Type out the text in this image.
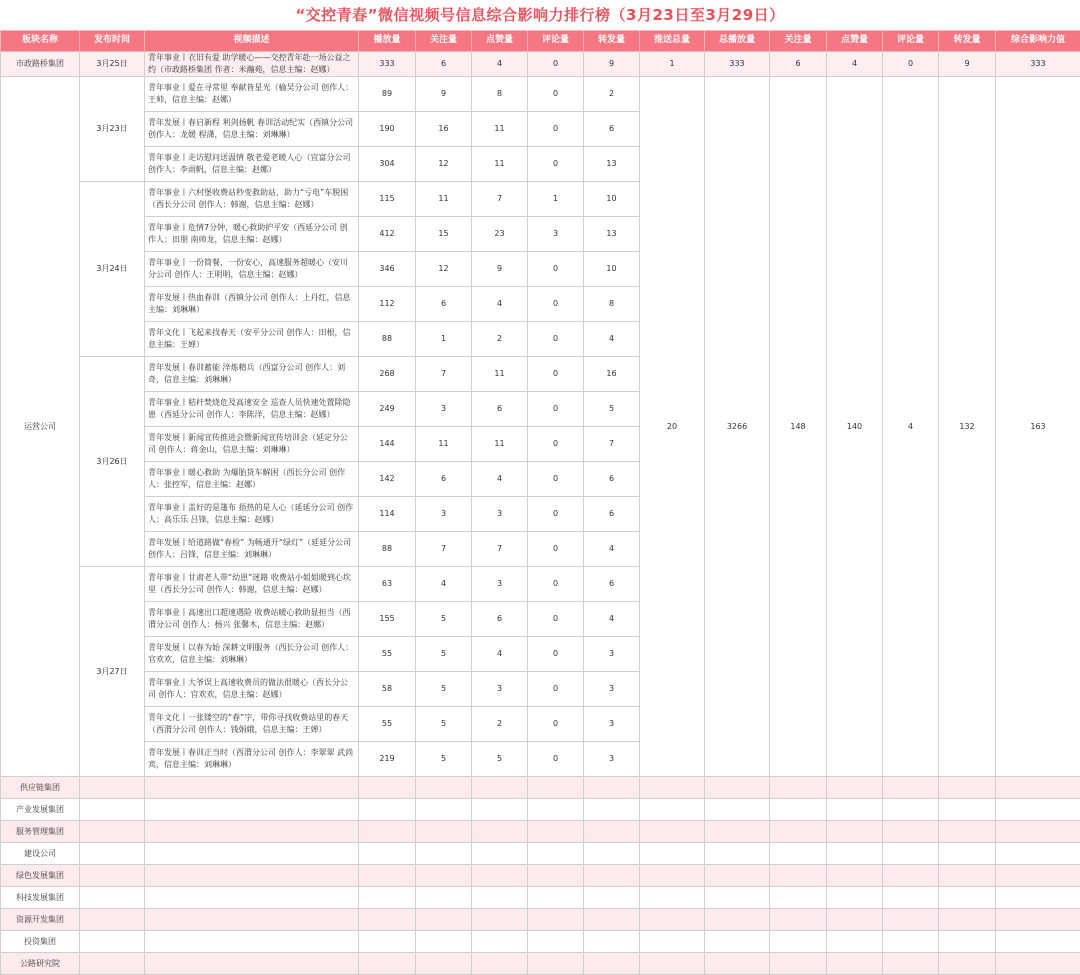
“交控青春”微信视频号信息综合影响力排行榜（3月23日至3月29日）
板块名称	发布时间	视频描述	播放量	关注量	点赞量	评论量	转发量	推送总量	总播放量	关注量	点赞量	评论量	转发量	综合影响力值
市政路桥集团	3月25日	青年事业丨衣旧有爱 助学暖心——交控青年赴一场公益之约（市政路桥集团 作者：米瀚苑，信息主编：赵娜）	333	6	4	0	9	1	333	6	4	0	9	333
运营公司	3月23日	青年事业丨爱在寻常里 奉献皆星光（榆吴分公司 创作人：王帅，信息主编：赵娜）	89	9	8	0	2	20	3266	148	140	4	132	163
		青年发展丨春启新程 利剑扬帆 春训活动纪实（西镇分公司 创作人：龙媛 程潇，信息主编：刘琳琳）	190	16	11	0	6							
		青年事业丨走访慰问送温情 敬老爱老暖人心（宜富分公司 创作人：李雨帆，信息主编：赵娜）	304	12	11	0	13							
	3月24日	青年事业丨六村堡收费站秒变救助站，助力“亏电”车脱困（西长分公司 创作人：韩谢，信息主编：赵娜）	115	11	7	1	10							
		青年事业丨危情7分钟，暖心救助护平安（西延分公司 创作人：田朋 南帅龙，信息主编：赵娜）	412	15	23	3	13							
		青年事业丨一份简餐，一份安心，高速服务超暖心（安川分公司 创作人：王明明，信息主编：赵娜）	346	12	9	0	10							
		青年发展丨热血春训（西镇分公司 创作人：上丹红，信息主编：刘琳琳）	112	6	4	0	8							
		青年文化丨飞起来找春天（安平分公司 创作人：田根，信息主编：王婵）	88	1	2	0	4							
	3月26日	青年发展丨春训蓄能 淬炼精兵（西富分公司 创作人：刘奇，信息主编：刘琳琳）	268	7	11	0	16							
		青年事业丨秸秆焚烧危及高速安全 巡查人员快速处置除隐患（西延分公司 创作人：李陈洋，信息主编：赵娜）	249	3	6	0	5							
		青年发展丨新闻宣传推进会暨新闻宣传培训会（延定分公司 创作人：蒋金山，信息主编：刘琳琳）	144	11	11	0	7							
		青年事业丨暖心救助 为爆胎货车解困（西长分公司 创作人：张控军，信息主编：赵娜）	142	6	4	0	6							
		青年事业丨盖好的是篷布 捂热的是人心（延延分公司 创作人：高乐乐 吕锋，信息主编：赵娜）	114	3	3	0	6							
		青年发展丨给道路做“春检” 为畅通开“绿灯”（延延分公司 创作人：吕锋，信息主编：刘琳琳）	88	7	7	0	4							
	3月27日	青年事业丨甘肃老人带“幼崽”迷路 收费站小姐姐暖到心坎里（西长分公司 创作人：韩谢，信息主编：赵娜）	63	4	3	0	6							
		青年事业丨高速出口超速遇险 收费站暖心救助显担当（西渭分公司 创作人：杨兴 张馨木，信息主编：赵娜）	155	5	6	0	4							
		青年发展丨以春为始 深耕文明服务（西长分公司 创作人：官欢欢，信息主编：刘琳琳）	55	5	4	0	3							
		青年事业丨大爷误上高速收费员的做法很暖心（西长分公司 创作人：官欢欢，信息主编：赵娜）	58	5	3	0	3							
		青年文化丨一张镂空的“春”字，带你寻找收费站里的春天（西渭分公司 创作人：钱娟娥，信息主编：王婵）	55	5	2	0	3							
		青年发展丨春训正当时（西渭分公司 创作人：李翠翠 武尚宾，信息主编：刘琳琳）	219	5	5	0	3							
供应链集团														
产业发展集团														
服务管理集团														
建设公司														
绿色发展集团														
科技发展集团														
资源开发集团														
投资集团														
公路研究院														
